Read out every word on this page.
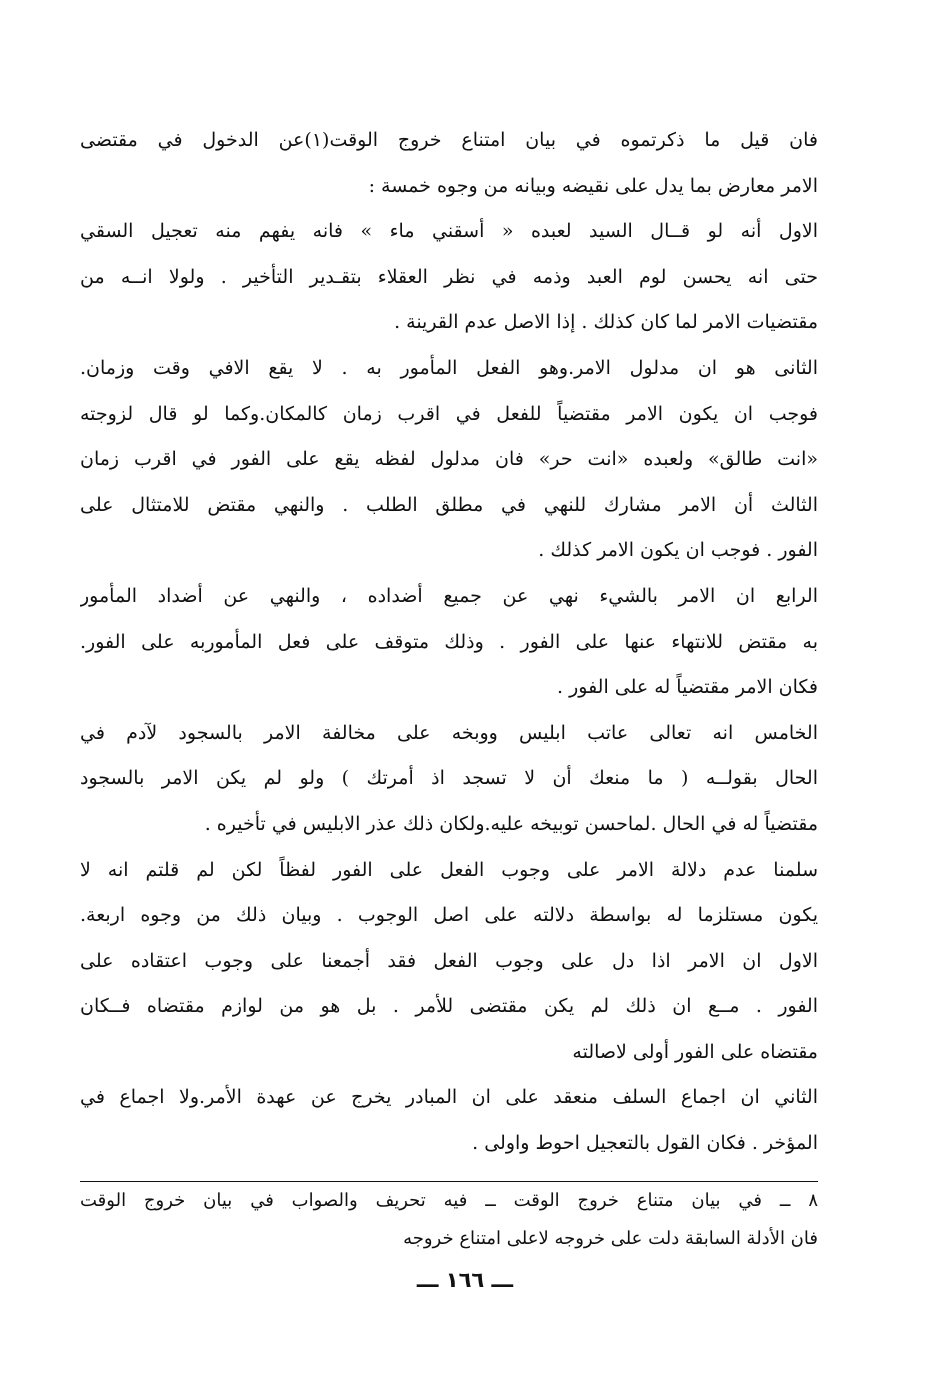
فان قيل ما ذكرتموه في بيان امتناع خروج الوقت(١)عن الدخول في مقتضى
الامر معارض بما يدل على نقيضه وبيانه من وجوه خمسة :
الاول أنه لو قــال السيد لعبده « أسقني ماء » فانه يفهم منه تعجيل السقي
حتى انه يحسن لوم العبد وذمه في نظر العقلاء بتقـدير التأخير . ولولا انــه من
مقتضيات الامر لما كان كذلك . إذا الاصل عدم القرينة .
الثانى هو ان مدلول الامر.وهو الفعل المأمور به . لا يقع الافي وقت وزمان.
فوجب ان يكون الامر مقتضياً للفعل في اقرب زمان كالمكان.وكما لو قال لزوجته
«انت طالق» ولعبده «انت حر» فان مدلول لفظه يقع على الفور في اقرب زمان
الثالث أن الامر مشارك للنهي في مطلق الطلب . والنهي مقتض للامتثال على
الفور . فوجب ان يكون الامر كذلك .
الرابع ان الامر بالشيء نهي عن جميع أضداده ، والنهي عن أضداد المأمور
به مقتض للانتهاء عنها على الفور . وذلك متوقف على فعل المأموربه على الفور.
فكان الامر مقتضياً له على الفور .
الخامس انه تعالى عاتب ابليس ووبخه على مخالفة الامر بالسجود لآدم في
الحال بقولــه ( ما منعك أن لا تسجد اذ أمرتك ) ولو لم يكن الامر بالسجود
مقتضياً له في الحال .لماحسن توبيخه عليه.ولكان ذلك عذر الابليس في تأخيره .
سلمنا عدم دلالة الامر على وجوب الفعل على الفور لفظاً لكن لم قلتم انه لا
يكون مستلزما له بواسطة دلالته على اصل الوجوب . وبيان ذلك من وجوه اربعة.
الاول ان الامر اذا دل على وجوب الفعل فقد أجمعنا على وجوب اعتقاده على
الفور . مــع ان ذلك لم يكن مقتضى للأمر . بل هو من لوازم مقتضاه فــكان
مقتضاه على الفور أولى لاصالته
الثاني ان اجماع السلف منعقد على ان المبادر يخرج عن عهدة الأمر.ولا اجماع في
المؤخر . فكان القول بالتعجيل احوط واولى .
٨ ــ في بيان متناع خروج الوقت ــ فيه تحريف والصواب في بيان خروج الوقت
فان الأدلة السابقة دلت على خروجه لاعلى امتناع خروجه
ـــ ١٦٦ ـــ
